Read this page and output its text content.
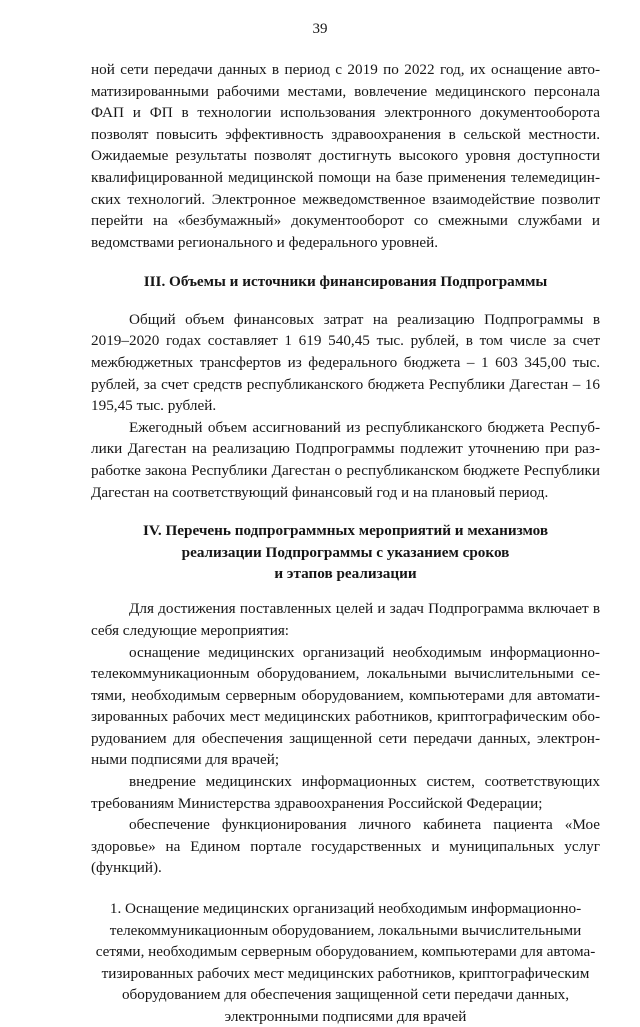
39

ной сети передачи данных в период с 2019 по 2022 год, их оснащение автоматизированными рабочими местами, вовлечение медицинского персонала ФАП и ФП в технологии использования электронного документооборота позволят повысить эффективность здравоохранения в сельской местности. Ожидаемые результаты позволят достигнуть высокого уровня доступности квалифицированной медицинской помощи на базе применения телемедицинских технологий. Электронное межведомственное взаимодействие позволит перейти на «безбумажный» документооборот со смежными службами и ведомствами регионального и федерального уровней.

III. Объемы и источники финансирования Подпрограммы

Общий объем финансовых затрат на реализацию Подпрограммы в 2019–2020 годах составляет 1 619 540,45 тыс. рублей, в том числе за счет межбюджетных трансфертов из федерального бюджета – 1 603 345,00 тыс. рублей, за счет средств республиканского бюджета Республики Дагестан – 16 195,45 тыс. рублей.

Ежегодный объем ассигнований из республиканского бюджета Республики Дагестан на реализацию Подпрограммы подлежит уточнению при разработке закона Республики Дагестан о республиканском бюджете Республики Дагестан на соответствующий финансовый год и на плановый период.

IV. Перечень подпрограммных мероприятий и механизмов
реализации Подпрограммы с указанием сроков
и этапов реализации

Для достижения поставленных целей и задач Подпрограмма включает в себя следующие мероприятия:

оснащение медицинских организаций необходимым информационно-телекоммуникационным оборудованием, локальными вычислительными сетями, необходимым серверным оборудованием, компьютерами для автоматизированных рабочих мест медицинских работников, криптографическим оборудованием для обеспечения защищенной сети передачи данных, электронными подписями для врачей;

внедрение медицинских информационных систем, соответствующих требованиям Министерства здравоохранения Российской Федерации;

обеспечение функционирования личного кабинета пациента «Мое здоровье» на Едином портале государственных и муниципальных услуг (функций).

1. Оснащение медицинских организаций необходимым информационно-
телекоммуникационным оборудованием, локальными вычислительными
сетями, необходимым серверным оборудованием, компьютерами для автома-
тизированных рабочих мест медицинских работников, криптографическим
оборудованием для обеспечения защищенной сети передачи данных,
электронными подписями для врачей
